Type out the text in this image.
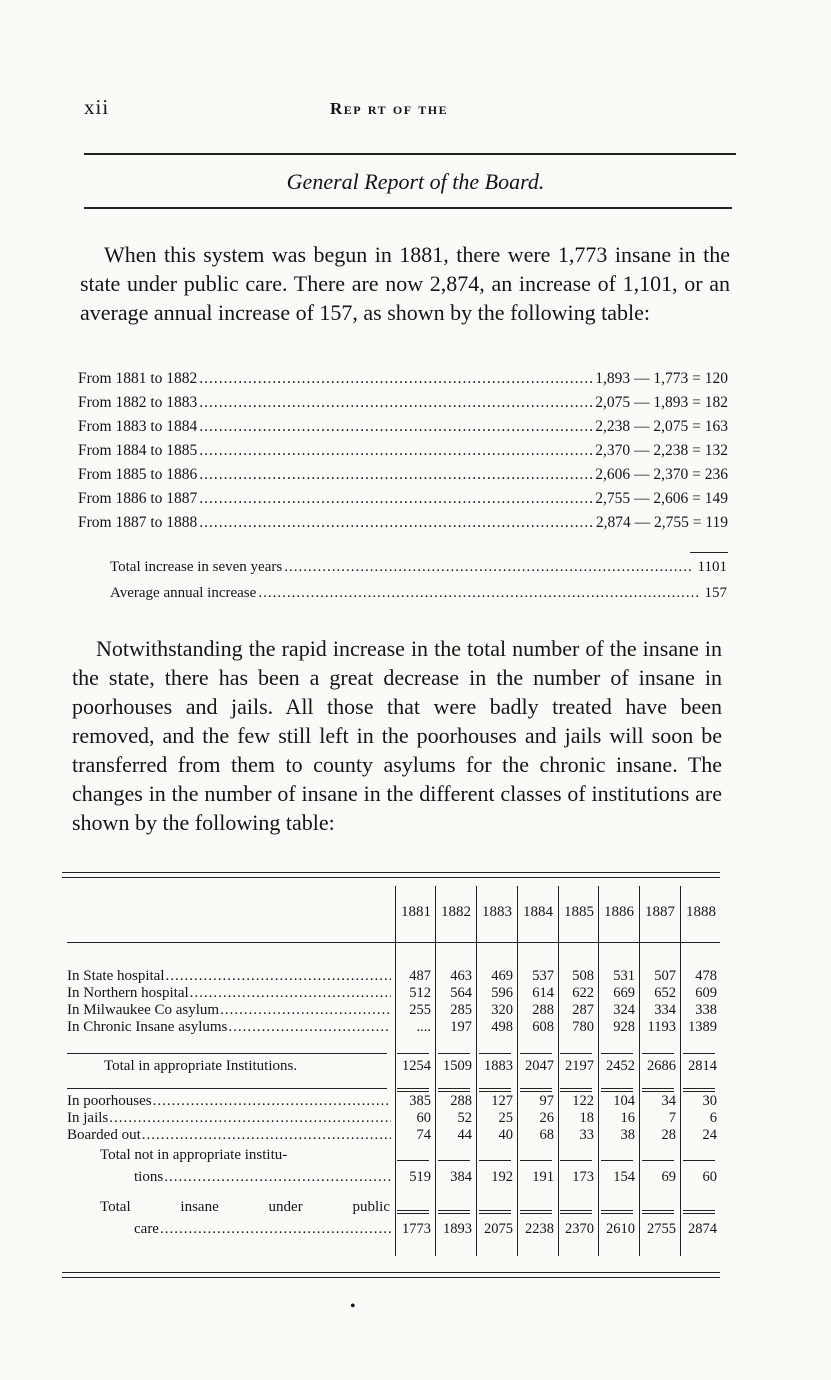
xii	Rep rt of the
General Report of the Board.

When this system was begun in 1881, there were 1,773 insane in the state under public care. There are now 2,874, an increase of 1,101, or an average annual increase of 157, as shown by the following table:

From 1881 to 1882 .....	1,893 — 1,773 = 120
From 1882 to 1883 .....	2,075 — 1,893 = 182
From 1883 to 1884 .....	2,238 — 2,075 = 163
From 1884 to 1885 .....	2,370 — 2,238 = 132
From 1885 to 1886 .....	2,606 — 2,370 = 236
From 1886 to 1887 .....	2,755 — 2,606 = 149
From 1887 to 1888 .....	2,874 — 2,755 = 119
Total increase in seven years .....	1101
Average annual increase .....	157

Notwithstanding the rapid increase in the total number of the insane in the state, there has been a great decrease in the number of insane in poorhouses and jails. All those that were badly treated have been removed, and the few still left in the poorhouses and jails will soon be transferred from them to county asylums for the chronic insane. The changes in the number of insane in the different classes of institutions are shown by the following table:

1881 1882 1883 1884 1885 1886 1887 1888
In State hospital .....	487	463	469	537	508	531	507	478
In Northern hospital .....	512	564	596	614	622	669	652	609
In Milwaukee Co asylum .....	255	285	320	288	287	324	334	338
In Chronic Insane asylums .....	....	197	498	608	780	928 1193 1389
Total in appropriate Institutions.	1254 1509 1883 2047 2197 2452 2686 2814
In poorhouses .....	385	288	127	97	122	104	34	30
In jails .....	60	52	25	26	18	16	7	6
Boarded out .....	74	44	40	68	33	38	28	24
Total not in appropriate institu-
tions .....	519	384	192	191	173	154	69	60
Total insane under public
care .....	1773 1893 2075 2238 2370 2610 2755 2874
•
